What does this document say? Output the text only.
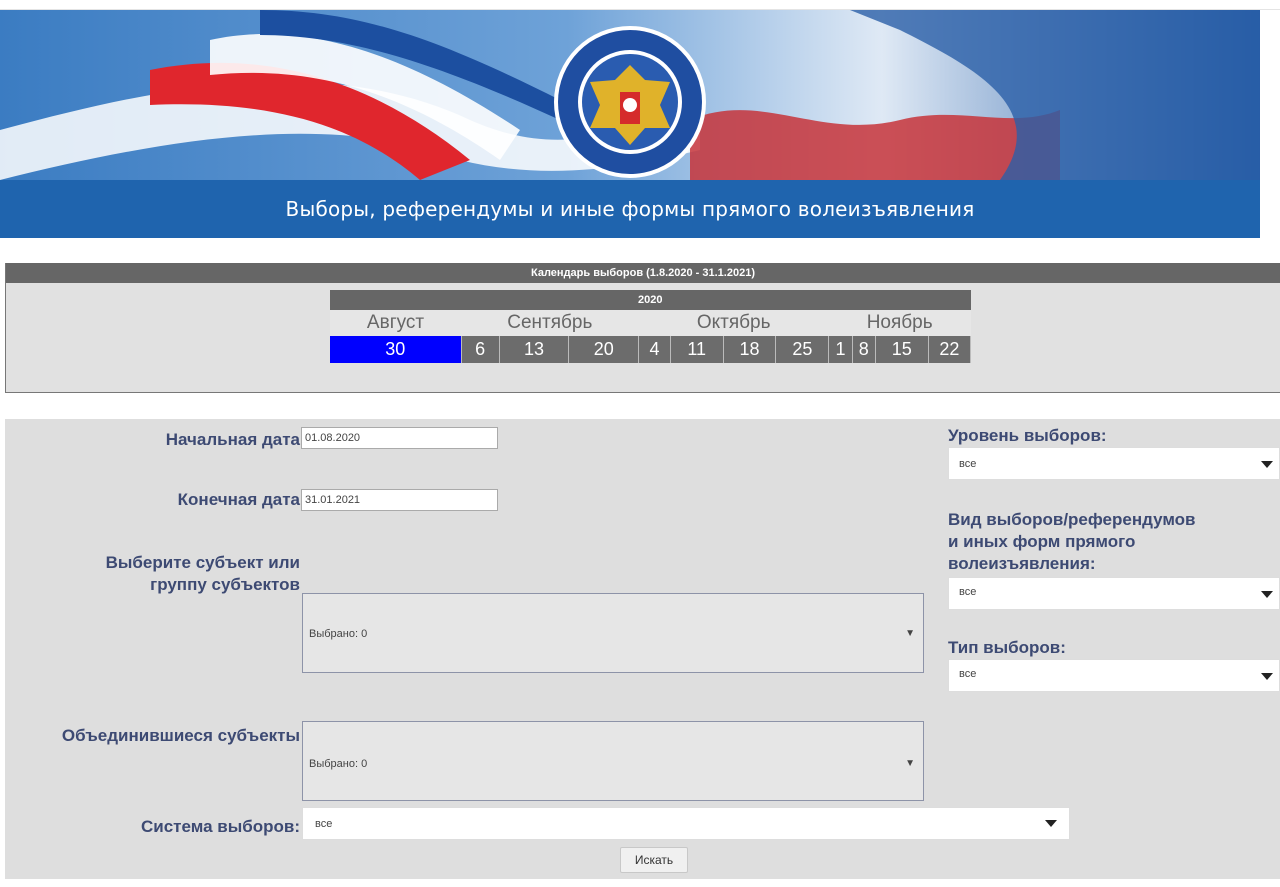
Выборы, референдумы и иные формы прямого волеизъявления
Календарь выборов (1.8.2020 - 31.1.2021)
2020											
Август	Сентябрь			Октябрь				Ноябрь			
30	6	13	20	4	11	18	25	1	8	15	22
Начальная дата 01.08.2020
Конечная дата 31.01.2021
Выберите субъект или
группу субъектов
Выбрано: 0	▼
Объединившиеся субъекты
Выбрано: 0	▼
Система выборов: все
Уровень выборов:
все
Вид выборов/референдумов
и иных форм прямого
волеизъявления:
все
Тип выборов:
все
Искать
